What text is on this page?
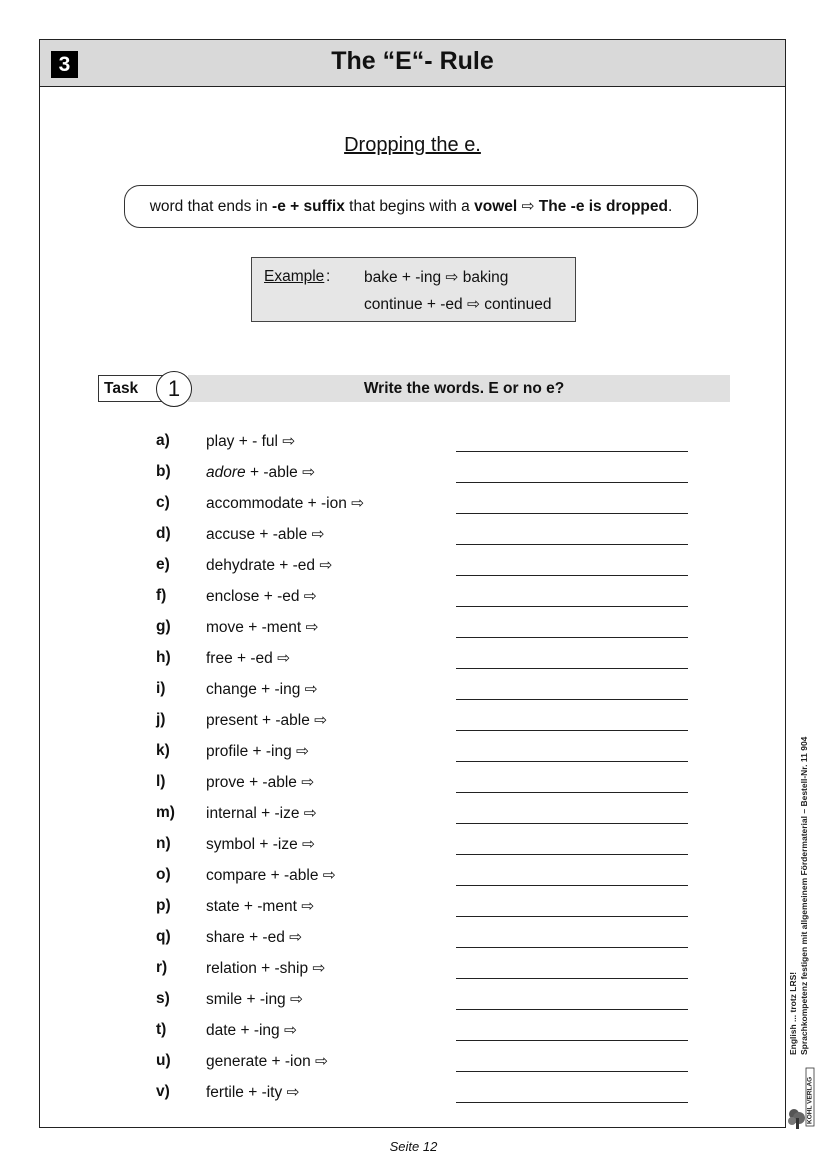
3	The “E“- Rule
Dropping the e.
word that ends in
-e + suffix
that begins with a
vowel ⇨ The -e is dropped .
Example : bake + -ing ⇨ baking
continue + -ed ⇨ continued
Task	1	Write the words. E or no e?
a) play + - ful ⇨
b) adore + -able ⇨
c) accommodate + -ion ⇨
d) accuse + -able ⇨
e) dehydrate + -ed ⇨
f)	enclose + -ed ⇨
g) move + -ment ⇨
h) free + -ed ⇨
i)	change + -ing ⇨
j)	present + -able ⇨
k) profile + -ing ⇨
l)	prove + -able ⇨
m) internal + -ize ⇨
n) symbol + -ize ⇨
o) compare + -able ⇨
p) state + -ment ⇨
q) share + -ed ⇨
r)	relation + -ship ⇨
s) smile + -ing ⇨
t)	date + -ing ⇨
u) generate + -ion ⇨
v) fertile + -ity ⇨
English ... trotz LRS! Sprachkompetenz festigen mit allgemeinem Fördermaterial – Bestell-Nr. 11 904
KOHL VERLAG
Seite 12
